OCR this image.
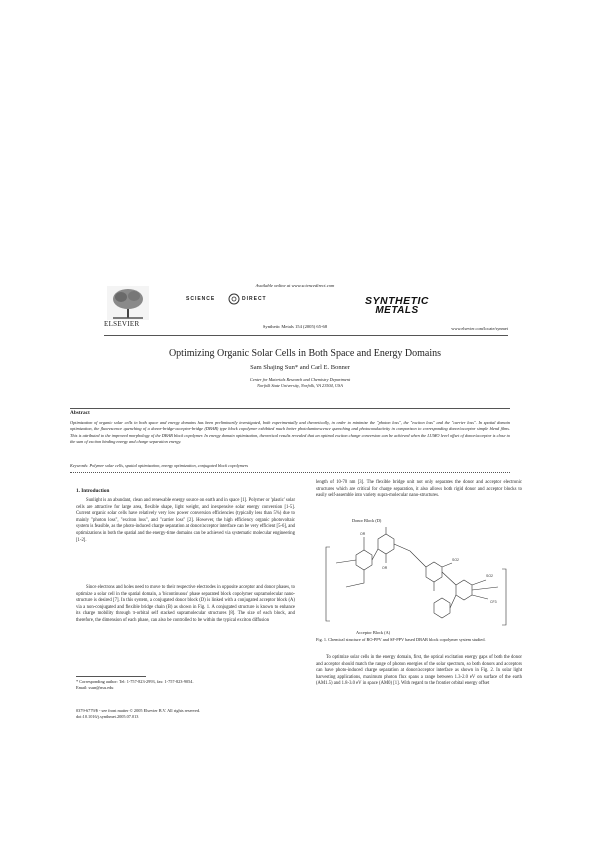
Available online at www.sciencedirect.com
SCIENCE	DIRECT
ELSEVIER	Synthetic Metals 154 (2005) 65-68
SYNTHETIC
METALS
www.elsevier.com/locate/synmet
Optimizing Organic Solar Cells in Both Space and Energy Domains
Sam Shajing Sun* and Carl E. Bonner
Center for Materials Research and Chemistry Department
Norfolk State University, Norfolk, VA 23504, USA
Abstract
Optimization of organic solar cells in both space and energy domains has been preliminarily investigated, both experimentally and theoretically, in order to minimize the "photon loss", the "exciton loss" and the "carrier loss". In spatial domain optimization, the fluorescence quenching of a donor-bridge-acceptor-bridge (DBAB) type block copolymer exhibited much better photoluminescence quenching and photoconductivity in comparison to corresponding donor/acceptor simple blend films. This is attributed to the improved morphology of the DBAB block copolymer. In energy domain optimization, theoretical results revealed that an optimal exciton charge conversion can be achieved when the LUMO level offset of donor/acceptor is close to the sum of exciton binding energy and charge separation energy.
Keywords: Polymer solar cells, spatial optimization, energy optimization, conjugated block copolymers
1. Introduction
Sunlight is an abundant, clean and renewable energy source on earth and in space [1]. Polymer or 'plastic' solar cells are attractive for large area, flexible shape, light weight, and inexpensive solar energy conversion [1-5]. Current organic solar cells have relatively very low power conversion efficiencies (typically less than 5%) due to mainly "photon loss", "exciton loss", and "carrier loss" [2]. However, the high efficiency organic photovoltaic system is feasible, as the photo-induced charge separation at donor/acceptor interface can be very efficient [5-6], and optimizations in both the spatial and the energy-time domains can be achieved via systematic molecular engineering [1-2].
Since electrons and holes need to move to their respective electrodes in opposite acceptor and donor phases, to optimize a solar cell in the spatial domain, a 'bicontinuous' phase separated block copolymer supramolecular nano-structure is desired [7]. In this system, a conjugated donor block (D) is linked with a conjugated acceptor block (A) via a non-conjugated and flexible bridge chain (B) as shown in Fig. 1. A conjugated structure is known to enhance its charge mobility through π-orbital self stacked supramolecular structures [8]. The size of each block, and therefore, the dimension of each phase, can also be controlled to be within the typical exciton diffusion
* Corresponding author: Tel: 1-757-823-2993, fax: 1-757-823-9054.
Email: ssun@nsu.edu
length of 10-70 nm [3]. The flexible bridge unit not only separates the donor and acceptor electronic structures which are critical for charge separation, it also allows both rigid donor and acceptor blocks to easily self-assemble into variety supra-molecular nano-structures.
Donor Block (D)
OR
OR
SO2
SO2
CF3
Acceptor Block (A)
Fig. 1. Chemical structure of RO-PPV and SF-PPV based DBAB block copolymer system studied.
To optimize solar cells in the energy domain, first, the optical excitation energy gaps of both the donor and acceptor should match the range of photon energies of the solar spectrum, so both donors and acceptors can have photo-induced charge separation at donor/acceptor interface as shown in Fig. 2. In solar light harvesting applications, maximum photon flux spans a range between 1.3-2.0 eV on surface of the earth (AM1.5) and 1.8-3.0 eV in space (AM0) [1]. With regard to the frontier orbital energy offset
0379-6779/$ - see front matter © 2005 Elsevier B.V. All rights reserved.
doi:10.1016/j.synthmet.2005.07.013
